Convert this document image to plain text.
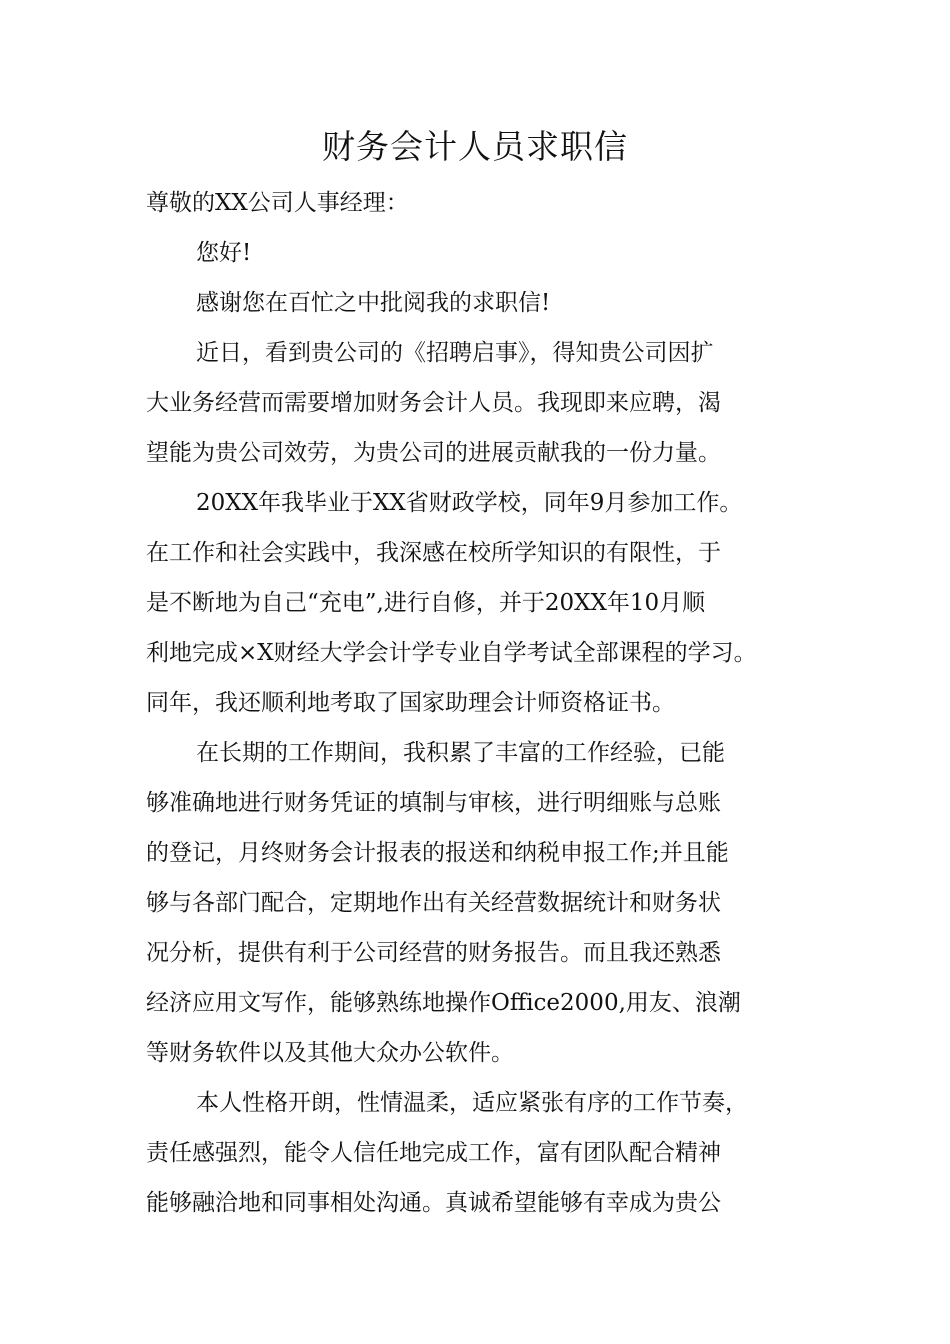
财务会计人员求职信
尊敬的XX公司人事经理：
您好!
感谢您在百忙之中批阅我的求职信!
近日，看到贵公司的《招聘启事》，得知贵公司因扩
大业务经营而需要增加财务会计人员。我现即来应聘，渴
望能为贵公司效劳，为贵公司的进展贡献我的一份力量。
20XX年我毕业于XX省财政学校，同年9月参加工作。
在工作和社会实践中，我深感在校所学知识的有限性，于
是不断地为自己“充电”,进行自修，并于20XX年10月顺
利地完成×X财经大学会计学专业自学考试全部课程的学习。
同年，我还顺利地考取了国家助理会计师资格证书。
在长期的工作期间，我积累了丰富的工作经验，已能
够准确地进行财务凭证的填制与审核，进行明细账与总账
的登记，月终财务会计报表的报送和纳税申报工作;并且能
够与各部门配合，定期地作出有关经营数据统计和财务状
况分析，提供有利于公司经营的财务报告。而且我还熟悉
经济应用文写作，能够熟练地操作Office2000,用友、浪潮
等财务软件以及其他大众办公软件。
本人性格开朗，性情温柔，适应紧张有序的工作节奏，
责任感强烈，能令人信任地完成工作，富有团队配合精神
能够融洽地和同事相处沟通。真诚希望能够有幸成为贵公
